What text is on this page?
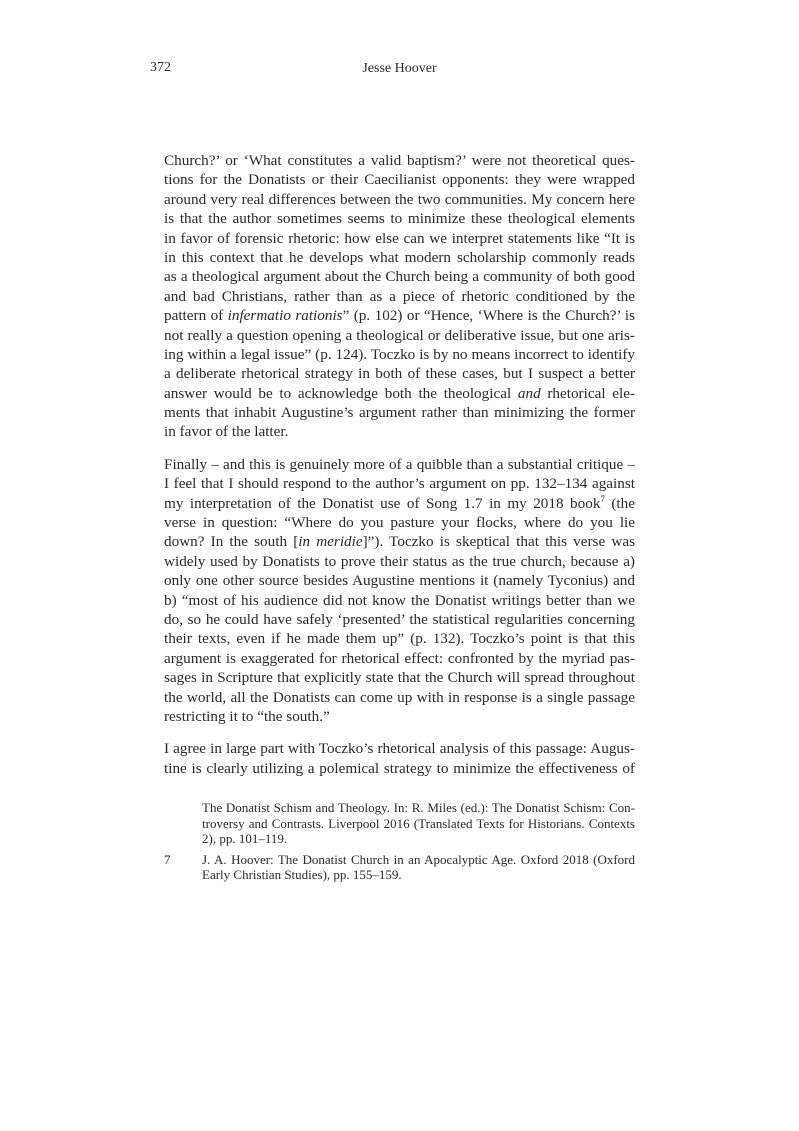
372	Jesse Hoover
Church?’ or ‘What constitutes a valid baptism?’ were not theoretical ques-
tions for the Donatists or their Caecilianist opponents: they were wrapped
around very real differences between the two communities. My concern here
is that the author sometimes seems to minimize these theological elements
in favor of forensic rhetoric: how else can we interpret statements like “It is
in this context that he develops what modern scholarship commonly reads
as a theological argument about the Church being a community of both good
and bad Christians, rather than as a piece of rhetoric conditioned by the
pattern of infermatio rationis” (p. 102) or “Hence, ‘Where is the Church?’ is
not really a question opening a theological or deliberative issue, but one aris-
ing within a legal issue” (p. 124). Toczko is by no means incorrect to identify
a deliberate rhetorical strategy in both of these cases, but I suspect a better
answer would be to acknowledge both the theological and rhetorical ele-
ments that inhabit Augustine’s argument rather than minimizing the former
in favor of the latter.
Finally – and this is genuinely more of a quibble than a substantial critique –
I feel that I should respond to the author’s argument on pp. 132–134 against
my interpretation of the Donatist use of Song 1.7 in my 2018 book$^7$ (the
verse in question: “Where do you pasture your flocks, where do you lie
down? In the south [in meridie]”). Toczko is skeptical that this verse was
widely used by Donatists to prove their status as the true church, because a)
only one other source besides Augustine mentions it (namely Tyconius) and
b) “most of his audience did not know the Donatist writings better than we
do, so he could have safely ‘presented’ the statistical regularities concerning
their texts, even if he made them up” (p. 132). Toczko’s point is that this
argument is exaggerated for rhetorical effect: confronted by the myriad pas-
sages in Scripture that explicitly state that the Church will spread throughout
the world, all the Donatists can come up with in response is a single passage
restricting it to “the south.”
I agree in large part with Toczko’s rhetorical analysis of this passage: Augus-
tine is clearly utilizing a polemical strategy to minimize the effectiveness of
The Donatist Schism and Theology. In: R. Miles (ed.): The Donatist Schism: Con-
troversy and Contrasts. Liverpool 2016 (Translated Texts for Historians. Contexts
2), pp. 101–119.
7 J. A. Hoover: The Donatist Church in an Apocalyptic Age. Oxford 2018 (Oxford
Early Christian Studies), pp. 155–159.
